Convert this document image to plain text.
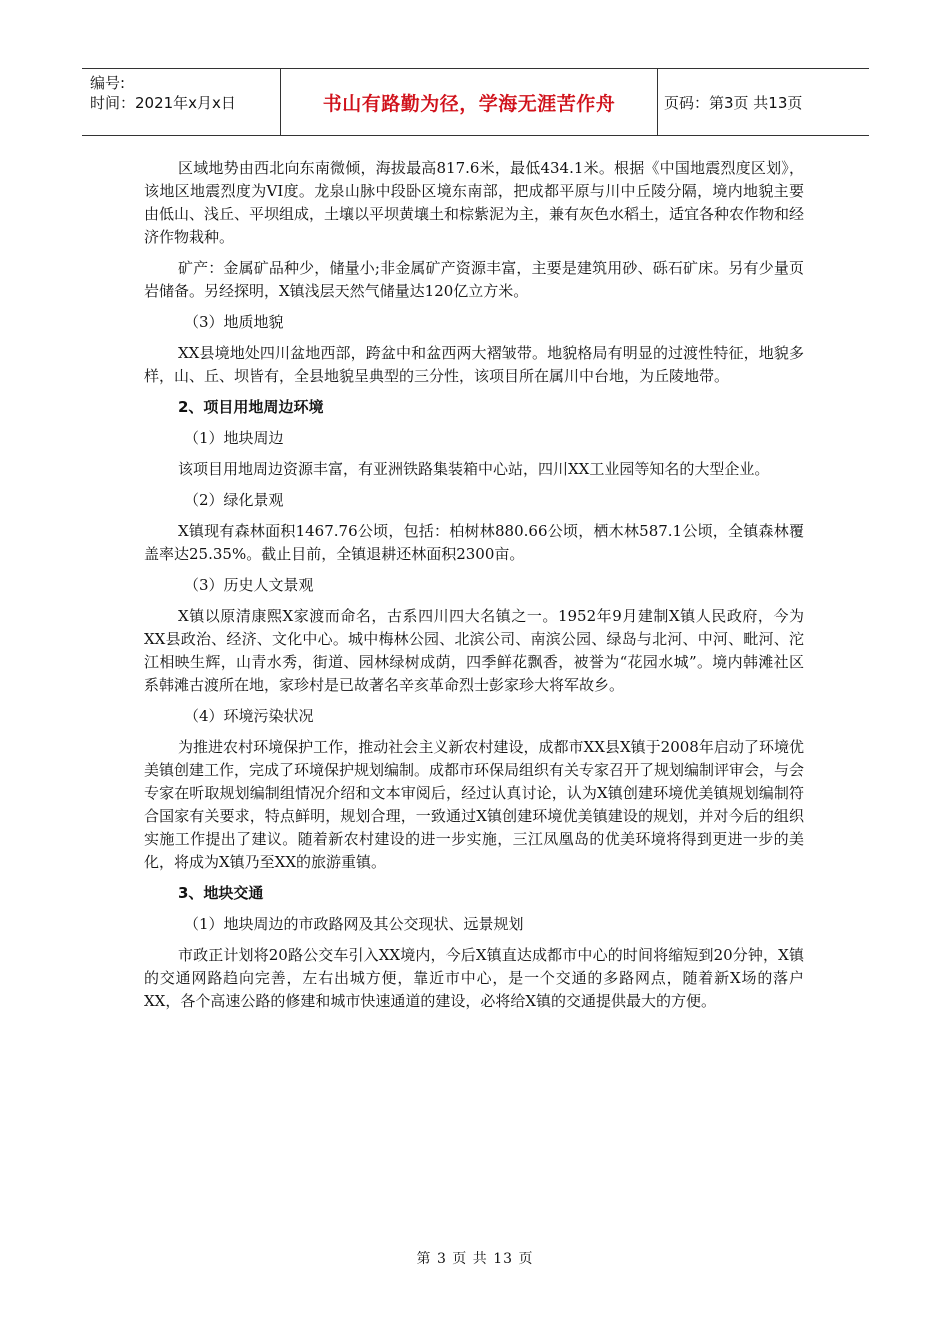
编号:
时间：2021年x月x日	书山有路勤为径，学海无涯苦作舟	页码：第3页 共13页

区域地势由西北向东南微倾，海拔最高817.6米，最低434.1米。根据《中国地震烈度区划》，该地区地震烈度为VI度。龙泉山脉中段卧区境东南部，把成都平原与川中丘陵分隔，境内地貌主要由低山、浅丘、平坝组成，土壤以平坝黄壤土和棕紫泥为主，兼有灰色水稻土，适宜各种农作物和经济作物栽种。

矿产：金属矿品种少，储量小;非金属矿产资源丰富，主要是建筑用砂、砾石矿床。另有少量页岩储备。另经探明，X镇浅层天然气储量达120亿立方米。

（3）地质地貌

XX县境地处四川盆地西部，跨盆中和盆西两大褶皱带。地貌格局有明显的过渡性特征，地貌多样，山、丘、坝皆有，全县地貌呈典型的三分性，该项目所在属川中台地，为丘陵地带。

2、项目用地周边环境

（1）地块周边

该项目用地周边资源丰富，有亚洲铁路集装箱中心站，四川XX工业园等知名的大型企业。

（2）绿化景观

X镇现有森林面积1467.76公顷，包括：柏树林880.66公顷，栖木林587.1公顷，全镇森林覆盖率达25.35%。截止目前，全镇退耕还林面积2300亩。

（3）历史人文景观

X镇以原清康熙X家渡而命名，古系四川四大名镇之一。1952年9月建制X镇人民政府，今为XX县政治、经济、文化中心。城中梅林公园、北滨公司、南滨公园、绿岛与北河、中河、毗河、沱江相映生辉，山青水秀，街道、园林绿树成荫，四季鲜花飘香，被誉为“花园水城”。境内韩滩社区系韩滩古渡所在地，家珍村是已故著名辛亥革命烈士彭家珍大将军故乡。

（4）环境污染状况

为推进农村环境保护工作，推动社会主义新农村建设，成都市XX县X镇于2008年启动了环境优美镇创建工作，完成了环境保护规划编制。成都市环保局组织有关专家召开了规划编制评审会，与会专家在听取规划编制组情况介绍和文本审阅后，经过认真讨论，认为X镇创建环境优美镇规划编制符合国家有关要求，特点鲜明，规划合理，一致通过X镇创建环境优美镇建设的规划，并对今后的组织实施工作提出了建议。随着新农村建设的进一步实施，三江凤凰岛的优美环境将得到更进一步的美化，将成为X镇乃至XX的旅游重镇。

3、地块交通

（1）地块周边的市政路网及其公交现状、远景规划

市政正计划将20路公交车引入XX境内，今后X镇直达成都市中心的时间将缩短到20分钟，X镇的交通网路趋向完善，左右出城方便，靠近市中心，是一个交通的多路网点，随着新X场的落户XX，各个高速公路的修建和城市快速通道的建设，必将给X镇的交通提供最大的方便。

第 3 页 共 13 页
